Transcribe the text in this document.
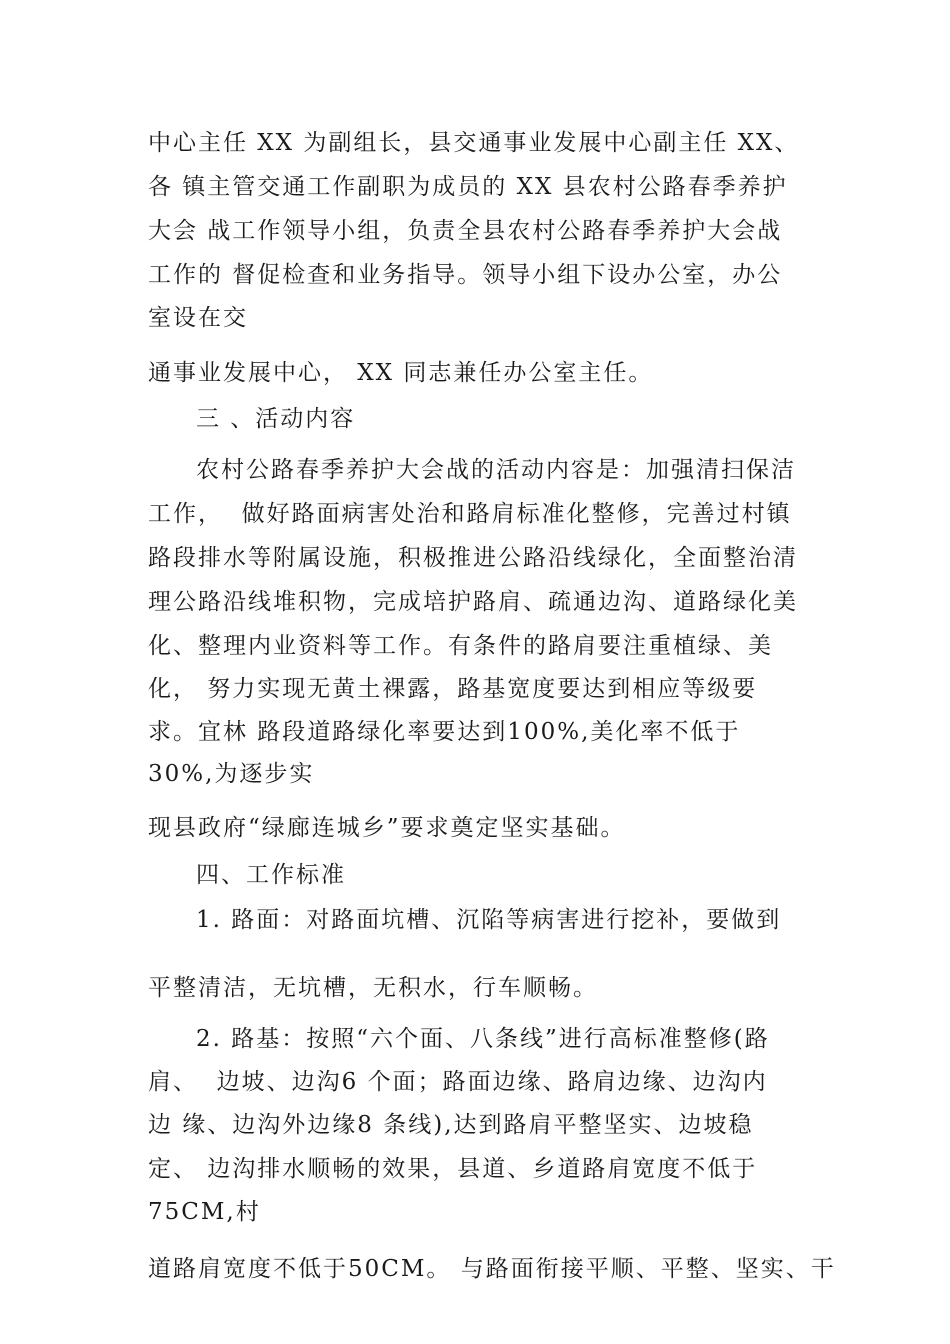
中心主任 XX 为副组长，县交通事业发展中心副主任 XX、
各 镇主管交通工作副职为成员的 XX 县农村公路春季养护
大会 战工作领导小组，负责全县农村公路春季养护大会战
工作的 督促检查和业务指导。领导小组下设办公室，办公
室设在交
通事业发展中心， XX 同志兼任办公室主任。
三 、活动内容
农村公路春季养护大会战的活动内容是：加强清扫保洁
工作，  做好路面病害处治和路肩标准化整修，完善过村镇
路段排水等附属设施，积极推进公路沿线绿化，全面整治清
理公路沿线堆积物，完成培护路肩、疏通边沟、道路绿化美
化、整理内业资料等工作。有条件的路肩要注重植绿、美
化， 努力实现无黄土裸露，路基宽度要达到相应等级要
求。宜林 路段道路绿化率要达到100%,美化率不低于
30%,为逐步实
现县政府“绿廊连城乡”要求奠定坚实基础。
四、工作标准
1. 路面：对路面坑槽、沉陷等病害进行挖补，要做到
平整清洁，无坑槽，无积水，行车顺畅。
2. 路基：按照“六个面、八条线”进行高标准整修(路
肩、  边坡、边沟6 个面；路面边缘、路肩边缘、边沟内
边 缘、边沟外边缘8 条线),达到路肩平整坚实、边坡稳
定、 边沟排水顺畅的效果，县道、乡道路肩宽度不低于
75CM,村
道路肩宽度不低于50CM。 与路面衔接平顺、平整、坚实、干
